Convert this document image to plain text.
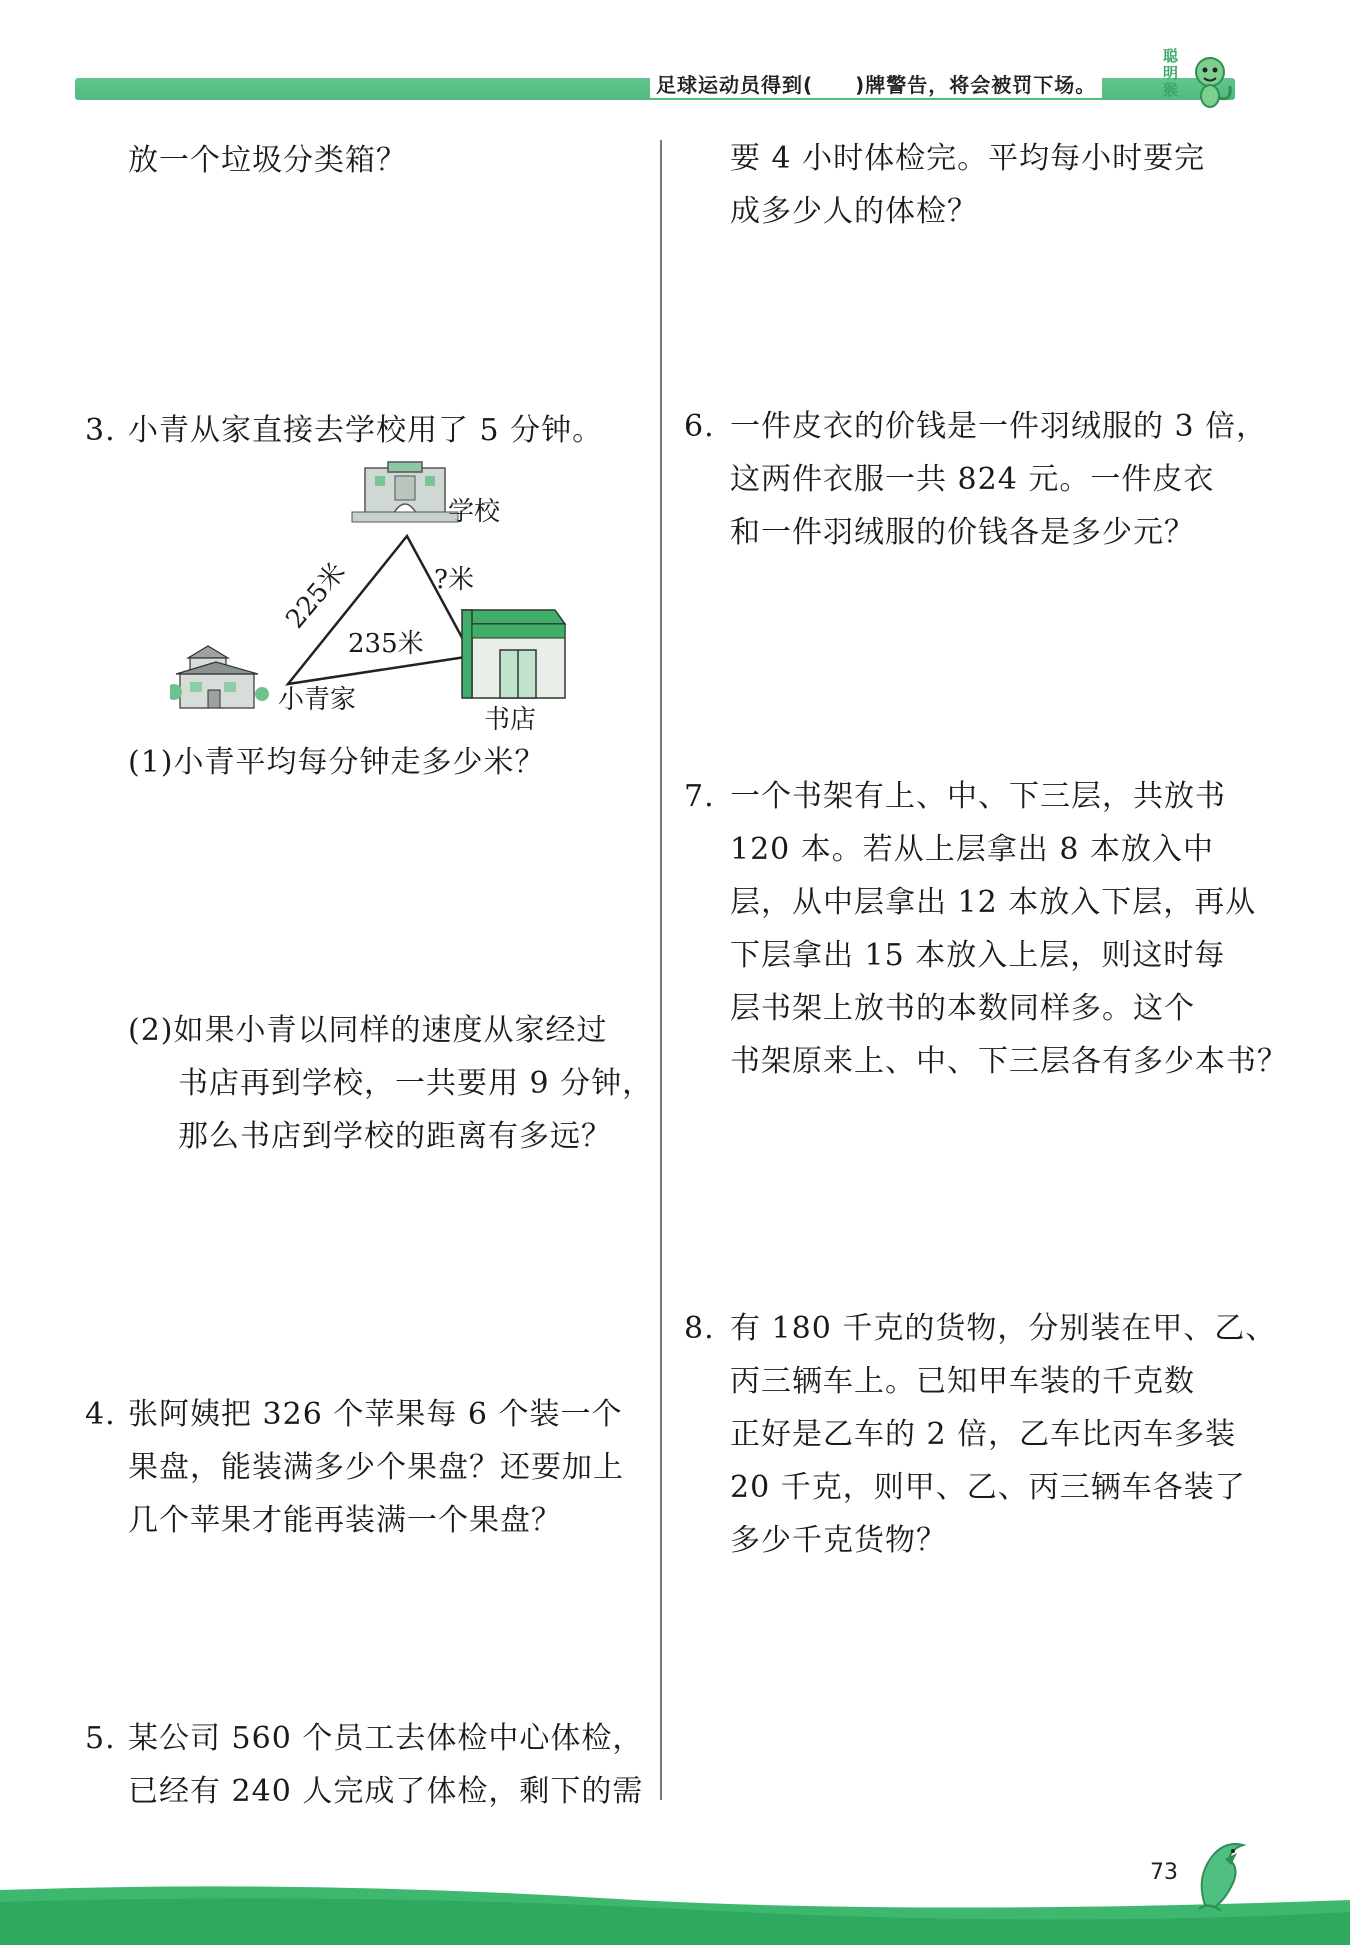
足球运动员得到(　　)牌警告，将会被罚下场。
聪
明
猴
放一个垃圾分类箱？
3. 小青从家直接去学校用了 5 分钟。
学校
225米	?米
235米
书店
小青家
(1)小青平均每分钟走多少米？
(2)如果小青以同样的速度从家经过
书店再到学校，一共要用 9 分钟，
那么书店到学校的距离有多远？
4. 张阿姨把 326 个苹果每 6 个装一个
果盘，能装满多少个果盘？还要加上
几个苹果才能再装满一个果盘？
5. 某公司 560 个员工去体检中心体检，
已经有 240 人完成了体检，剩下的需
要 4 小时体检完。平均每小时要完
成多少人的体检？
6. 一件皮衣的价钱是一件羽绒服的 3 倍，
这两件衣服一共 824 元。一件皮衣
和一件羽绒服的价钱各是多少元？
7. 一个书架有上、中、下三层，共放书
120 本。若从上层拿出 8 本放入中
层，从中层拿出 12 本放入下层，再从
下层拿出 15 本放入上层，则这时每
层书架上放书的本数同样多。这个
书架原来上、中、下三层各有多少本书？
8. 有 180 千克的货物，分别装在甲、乙、
丙三辆车上。已知甲车装的千克数
正好是乙车的 2 倍，乙车比丙车多装
20 千克，则甲、乙、丙三辆车各装了
多少千克货物？
73
